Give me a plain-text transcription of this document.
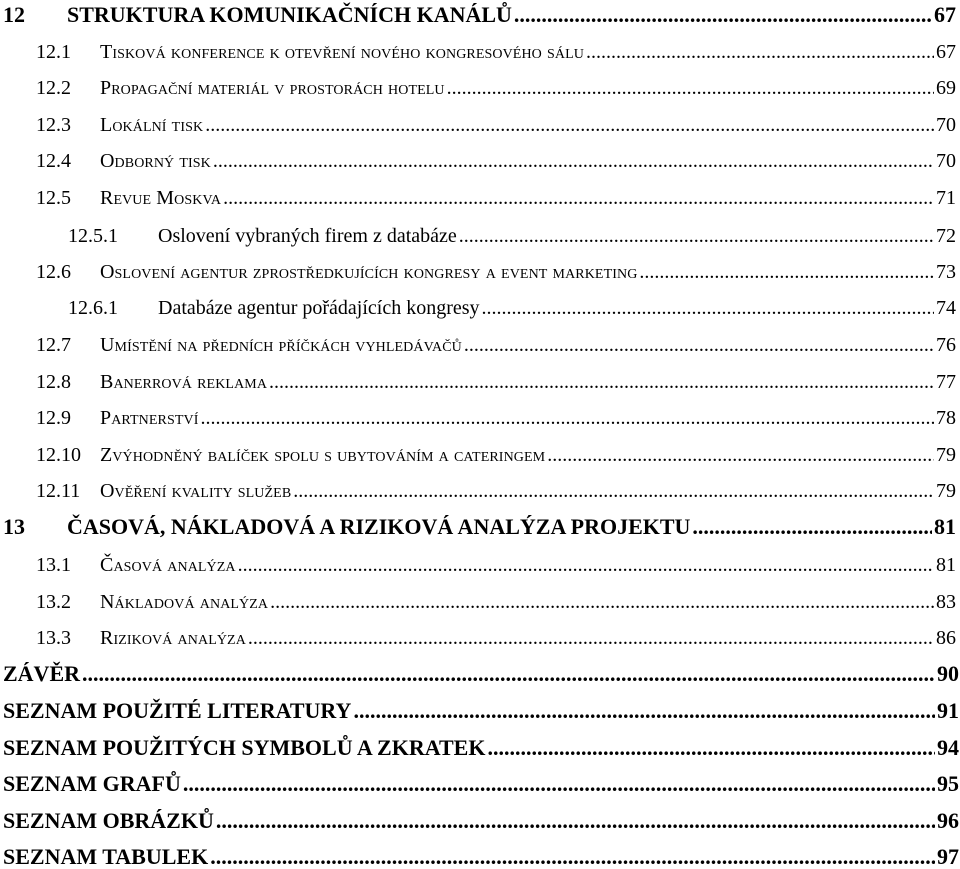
12	STRUKTURA KOMUNIKAČNÍCH KANÁLŮ .....	67
12.1	Tisková konference k otevření nového kongresového sálu .....	67
12.2	Propagační materiál v prostorách hotelu .....	69
12.3	Lokální tisk .....	70
12.4	Odborný tisk .....	70
12.5	Revue Moskva .....	71
12.5.1	Oslovení vybraných firem z databáze .....	72
12.6	Oslovení agentur zprostředkujících kongresy a event marketing .....	73
12.6.1	Databáze agentur pořádajících kongresy .....	74
12.7	Umístění na předních příčkách vyhledávačů .....	76
12.8	Banerrová reklama .....	77
12.9	Partnerství .....	78
12.10 Zvýhodněný balíček spolu s ubytováním a cateringem .....	79
12.11 Ověření kvality služeb .....	79
13	ČASOVÁ, NÁKLADOVÁ A RIZIKOVÁ ANALÝZA PROJEKTU .....	81
13.1	Časová analýza .....	81
13.2	Nákladová analýza .....	83
13.3	Riziková analýza .....	86
ZÁVĚR .....	90
SEZNAM POUŽITÉ LITERATURY .....	91
SEZNAM POUŽITÝCH SYMBOLŮ A ZKRATEK .....	94
SEZNAM GRAFŮ .....	95
SEZNAM OBRÁZKŮ .....	96
SEZNAM TABULEK .....	97
